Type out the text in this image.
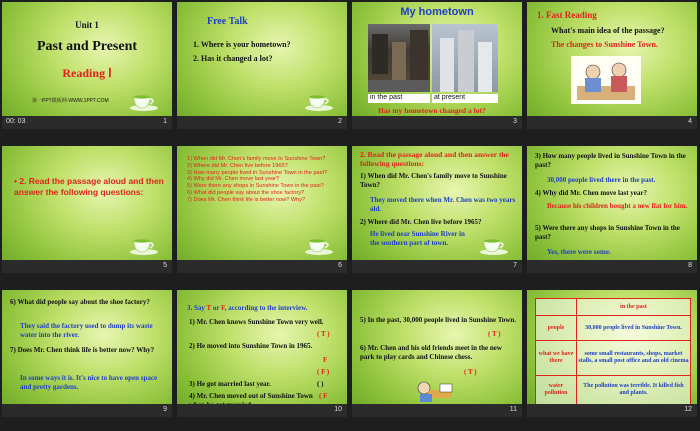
Unit 1
Past and Present
Reading Ⅰ
第一PPT模板网-WWW.1PPT.COM
00: 03	1
Free Talk
1. Where is your hometown?
2. Has it changed a lot?
2
My hometown
in the past	at present
Has my hometown changed a lot?
3
1. Fast Reading
What's main idea of the passage?
The changes to Sunshine Town.
4
• 2. Read the passage aloud and then answer the following questions:
5
1) When did Mr. Chen's family move to Sunshine Town?
2) Where did Mr. Chen live before 1965?
3) How many people lived in Sunshine Town in the past?
4) Why did Mr. Chen move last year?
5) Were there any shops in Sunshine Town in the past?
6) What did people say about the shoe factory?
7) Does Mr. Chen think life is better now? Why?
6
2. Read the passage aloud and then answer the following questions:
1) When did Mr. Chen's family move to Sunshine Town?
They moved there when Mr. Chen was two years old.
2) Where did Mr. Chen live before 1965?
He lived near Sunshine River in the southern part of town.
7
3) How many people lived in Sunshine Town in the past?
30,000 people lived there in the past.
4) Why did Mr. Chen move last year?
Because his children bought a new flat for him.
5) Were there any shops in Sunshine Town in the past?
Yes, there were some.
8
6) What did people say about the shoe factory?
They said the factory used to dump its waste water into the river.
7) Does Mr. Chen think life is better now? Why?
In some ways it is. It's nice to have open space and pretty gardens.
9
3. Say T or F, according to the interview.
1) Mr. Chen knows Sunshine Town very well.
( T )
2) He moved into Sunshine Town in 1965.
F
( F )
3) He got married last year.	( )
4) Mr. Chen moved out of Sunshine Town ( F
10
5) In the past, 30,000 people lived in Sunshine Town.
( T )
6) Mr. Chen and his old friends meet in the new park to play cards and Chinese chess.
( T )
11
	in the past
people	30,000 people lived in Sunshine Town.
what we have there	some small restaurants, shops, market stalls, a small post office and an old cinema
water pollution	The pollution was terrible. It killed fish and plants.
12
